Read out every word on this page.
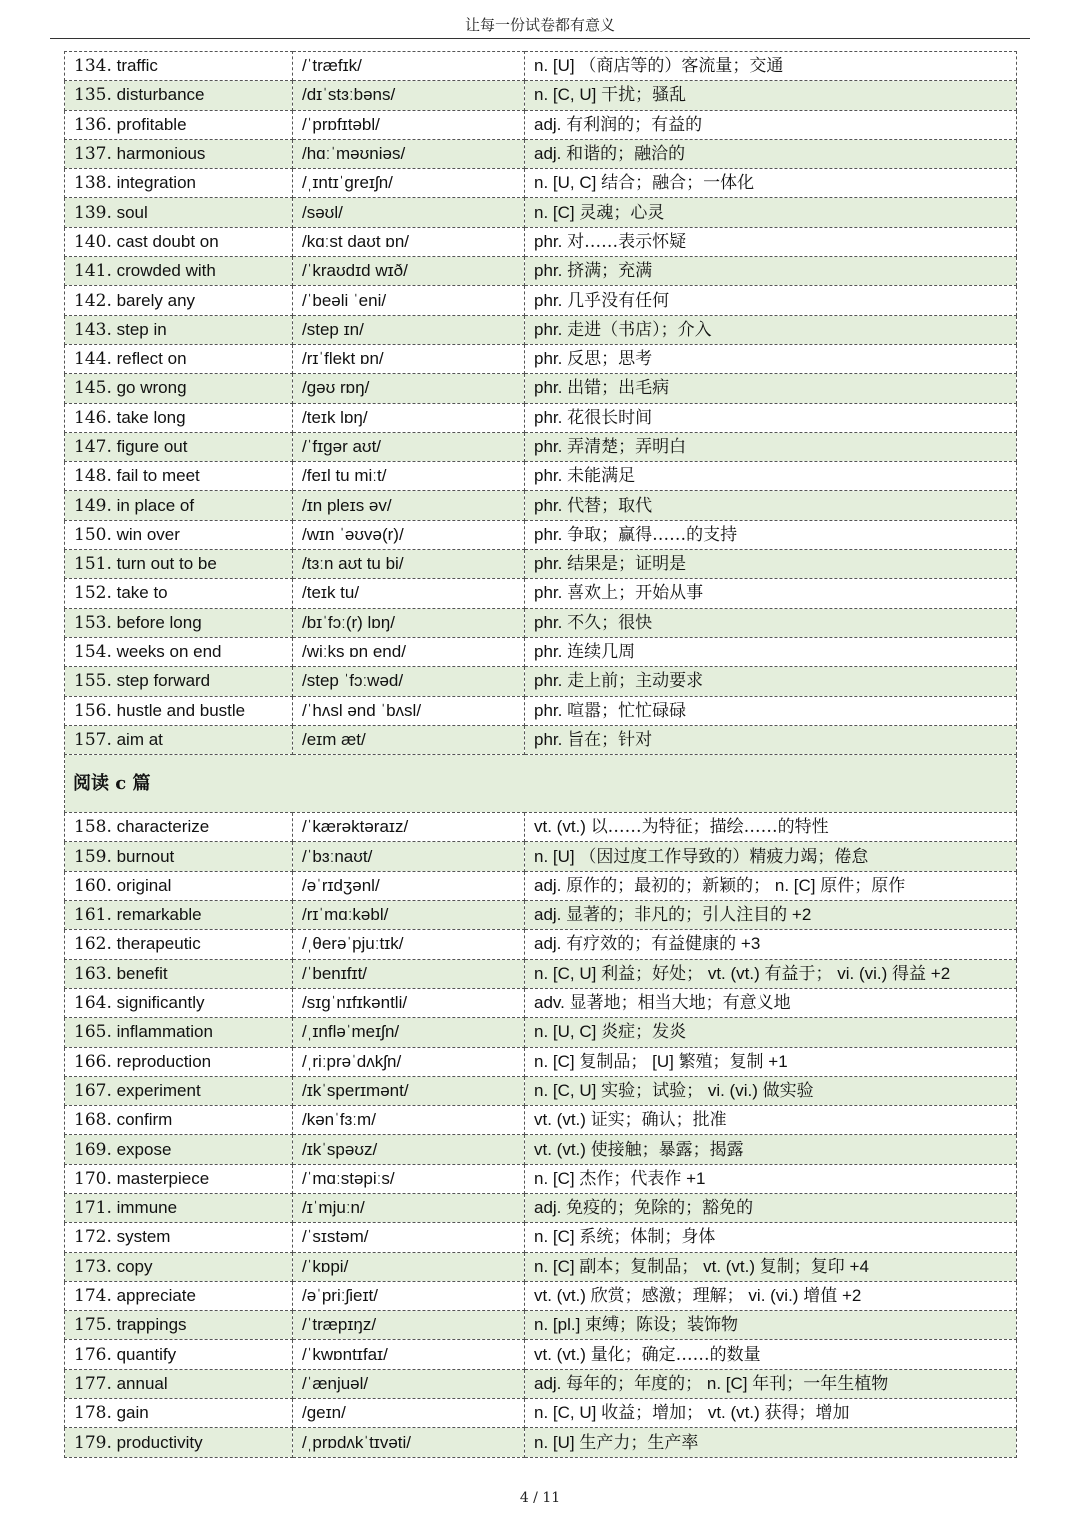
让每一份试卷都有意义
134. traffic	/ˈtræfɪk/	n. [U] （商店等的）客流量；交通
135. disturbance	/dɪˈstɜːbəns/	n. [C, U] 干扰；骚乱
136. profitable	/ˈprɒfɪtəbl/	adj. 有利润的；有益的
137. harmonious	/hɑːˈməʊniəs/	adj. 和谐的；融洽的
138. integration	/ˌɪntɪˈɡreɪʃn/	n. [U, C] 结合；融合；一体化
139. soul	/səʊl/	n. [C] 灵魂；心灵
140. cast doubt on	/kɑːst daʊt ɒn/	phr. 对……表示怀疑
141. crowded with	/ˈkraʊdɪd wɪð/	phr. 挤满；充满
142. barely any	/ˈbeəli ˈeni/	phr. 几乎没有任何
143. step in	/step ɪn/	phr. 走进（书店）；介入
144. reflect on	/rɪˈflekt ɒn/	phr. 反思；思考
145. go wrong	/ɡəʊ rɒŋ/	phr. 出错；出毛病
146. take long	/teɪk lɒŋ/	phr. 花很长时间
147. figure out	/ˈfɪɡər aʊt/	phr. 弄清楚；弄明白
148. fail to meet	/feɪl tu miːt/	phr. 未能满足
149. in place of	/ɪn pleɪs əv/	phr. 代替；取代
150. win over	/wɪn ˈəʊvə(r)/	phr. 争取；赢得……的支持
151. turn out to be	/tɜːn aʊt tu bi/	phr. 结果是；证明是
152. take to	/teɪk tu/	phr. 喜欢上；开始从事
153. before long	/bɪˈfɔː(r) lɒŋ/	phr. 不久；很快
154. weeks on end	/wiːks ɒn end/	phr. 连续几周
155. step forward	/step ˈfɔːwəd/	phr. 走上前；主动要求
156. hustle and bustle	/ˈhʌsl ənd ˈbʌsl/	phr. 喧嚣；忙忙碌碌
157. aim at	/eɪm æt/	phr. 旨在；针对
阅读 c 篇		
158. characterize	/ˈkærəktəraɪz/	vt. (vt.) 以……为特征；描绘……的特性
159. burnout	/ˈbɜːnaʊt/	n. [U] （因过度工作导致的）精疲力竭；倦怠
160. original	/əˈrɪdʒənl/	adj. 原作的；最初的；新颖的； n. [C] 原件；原作
161. remarkable	/rɪˈmɑːkəbl/	adj. 显著的；非凡的；引人注目的 +2
162. therapeutic	/ˌθerəˈpjuːtɪk/	adj. 有疗效的；有益健康的 +3
163. benefit	/ˈbenɪfɪt/	n. [C, U] 利益；好处； vt. (vt.) 有益于； vi. (vi.) 得益 +2
164. significantly	/sɪɡˈnɪfɪkəntli/	adv. 显著地；相当大地；有意义地
165. inflammation	/ˌɪnfləˈmeɪʃn/	n. [U, C] 炎症；发炎
166. reproduction	/ˌriːprəˈdʌkʃn/	n. [C] 复制品； [U] 繁殖；复制 +1
167. experiment	/ɪkˈsperɪmənt/	n. [C, U] 实验；试验； vi. (vi.) 做实验
168. confirm	/kənˈfɜːm/	vt. (vt.) 证实；确认；批准
169. expose	/ɪkˈspəʊz/	vt. (vt.) 使接触；暴露；揭露
170. masterpiece	/ˈmɑːstəpiːs/	n. [C] 杰作；代表作 +1
171. immune	/ɪˈmjuːn/	adj. 免疫的；免除的；豁免的
172. system	/ˈsɪstəm/	n. [C] 系统；体制；身体
173. copy	/ˈkɒpi/	n. [C] 副本；复制品； vt. (vt.) 复制；复印 +4
174. appreciate	/əˈpriːʃieɪt/	vt. (vt.) 欣赏；感激；理解； vi. (vi.) 增值 +2
175. trappings	/ˈtræpɪŋz/	n. [pl.] 束缚；陈设；装饰物
176. quantify	/ˈkwɒntɪfaɪ/	vt. (vt.) 量化；确定……的数量
177. annual	/ˈænjuəl/	adj. 每年的；年度的； n. [C] 年刊；一年生植物
178. gain	/ɡeɪn/	n. [C, U] 收益；增加； vt. (vt.) 获得；增加
179. productivity	/ˌprɒdʌkˈtɪvəti/	n. [U] 生产力；生产率
4 / 11
